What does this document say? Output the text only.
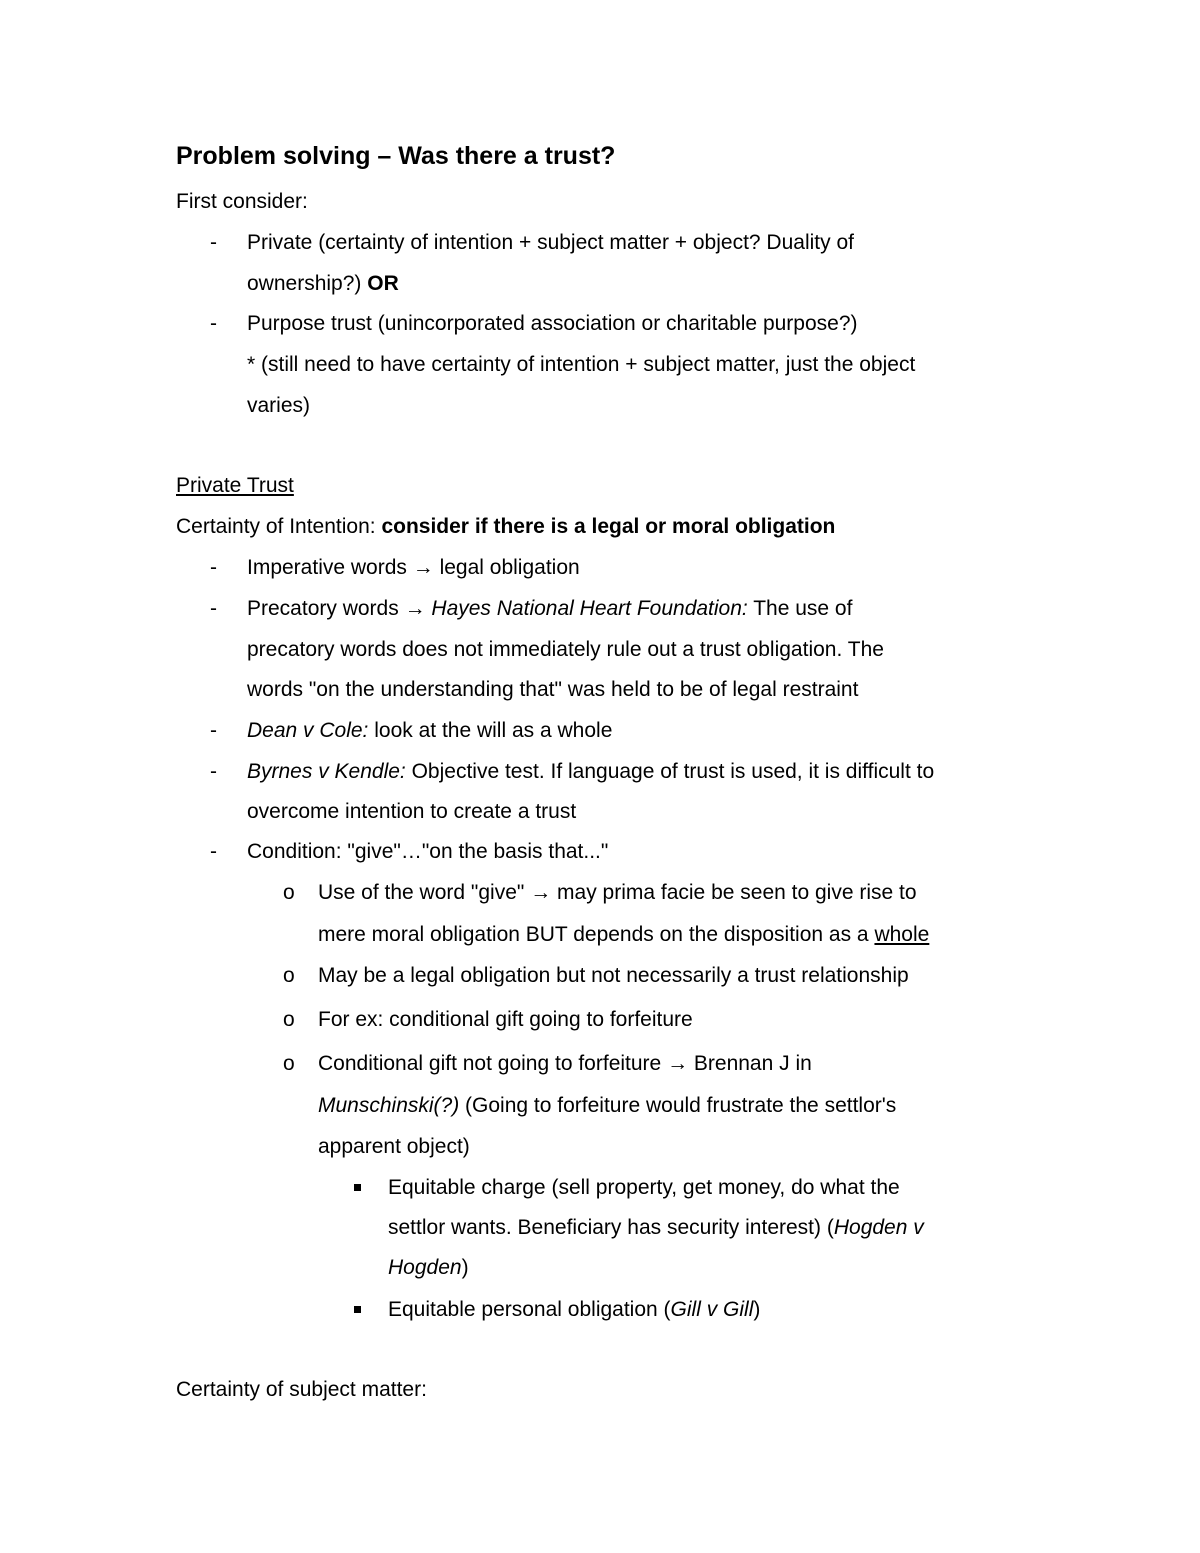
Problem solving – Was there a trust?
First consider:
- Private (certainty of intention + subject matter + object? Duality of
ownership?) OR
- Purpose trust (unincorporated association or charitable purpose?)
* (still need to have certainty of intention + subject matter, just the object
varies)
Private Trust
Certainty of Intention: consider if there is a legal or moral obligation
- Imperative words → legal obligation
- Precatory words → Hayes National Heart Foundation: The use of
precatory words does not immediately rule out a trust obligation. The
words "on the understanding that" was held to be of legal restraint
- Dean v Cole: look at the will as a whole
- Byrnes v Kendle: Objective test. If language of trust is used, it is difficult to
overcome intention to create a trust
- Condition: "give"…"on the basis that..."
o Use of the word "give" → may prima facie be seen to give rise to
mere moral obligation BUT depends on the disposition as a whole
o May be a legal obligation but not necessarily a trust relationship
o For ex: conditional gift going to forfeiture
o Conditional gift not going to forfeiture → Brennan J in
Munschinski(?) (Going to forfeiture would frustrate the settlor's
apparent object)
Equitable charge (sell property, get money, do what the
settlor wants. Beneficiary has security interest) (Hogden v
Hogden)
Equitable personal obligation (Gill v Gill)
Certainty of subject matter:
